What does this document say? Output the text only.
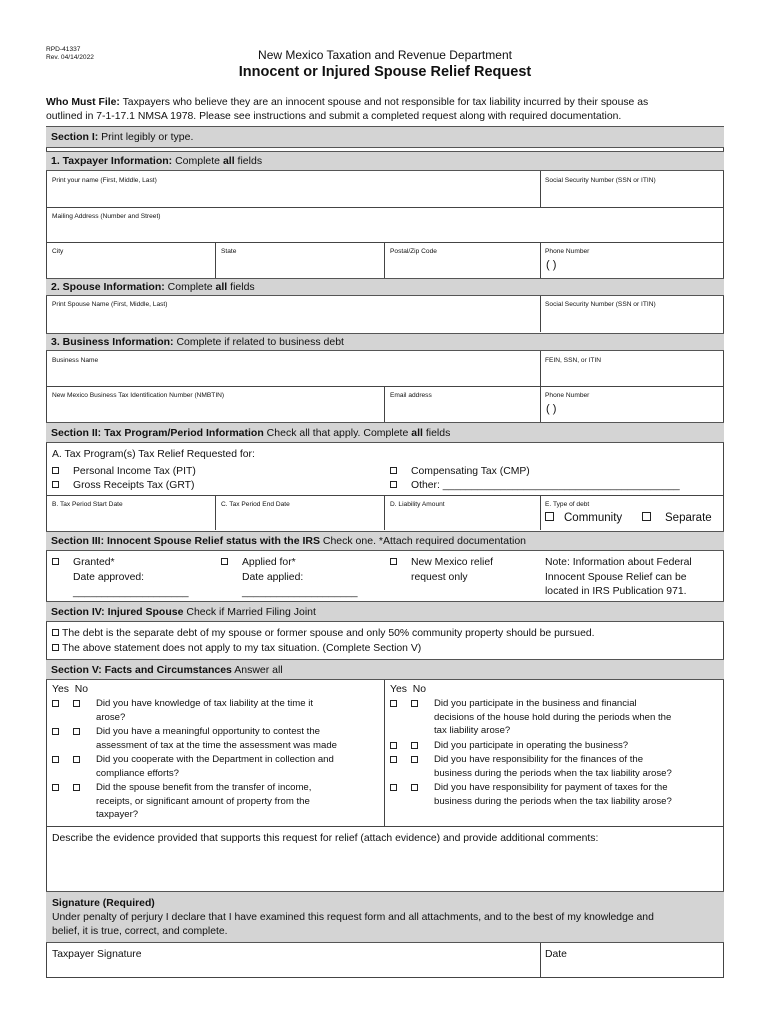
RPD-41337
Rev. 04/14/2022	New Mexico Taxation and Revenue Department
Innocent or Injured Spouse Relief Request
Who Must File: Taxpayers who believe they are an innocent spouse and not responsible for tax liability incurred by their spouse as
outlined in 7-1-17.1 NMSA 1978. Please see instructions and submit a completed request along with required documentation.
Section I: Print legibly or type.
1. Taxpayer Information: Complete all fields
Print your name (First, Middle, Last)	Social Security Number (SSN or ITIN)
Mailing Address (Number and Street)
City	State	Postal/Zip Code	Phone Number
( )
2. Spouse Information: Complete all fields
Print Spouse Name (First, Middle, Last)	Social Security Number (SSN or ITIN)
3. Business Information: Complete if related to business debt
Business Name	FEIN, SSN, or ITIN
New Mexico Business Tax Identification Number (NMBTIN)	Email address	Phone Number
( )
Section II: Tax Program/Period Information Check all that apply. Complete all fields
A. Tax Program(s) Tax Relief Requested for:
Personal Income Tax (PIT)
Gross Receipts Tax (GRT)
Compensating Tax (CMP)
Other: _________________________________________
B. Tax Period Start Date	C. Tax Period End Date	D. Liability Amount	E. Type of debt
Community	Separate
Section III: Innocent Spouse Relief status with the IRS Check one. *Attach required documentation
Granted*
Date approved:
____________________
Applied for*
Date applied:
____________________
New Mexico relief
request only
Note: Information about Federal
Innocent Spouse Relief can be
located in IRS Publication 971.
Section IV: Injured Spouse Check if Married Filing Joint
The debt is the separate debt of my spouse or former spouse and only 50% community property should be pursued.
The above statement does not apply to my tax situation. (Complete Section V)
Section V: Facts and Circumstances Answer all
Yes No	Yes No
Did you have knowledge of tax liability at the time it
arose?
Did you have a meaningful opportunity to contest the
assessment of tax at the time the assessment was made
Did you cooperate with the Department in collection and
compliance efforts?
Did the spouse benefit from the transfer of income,
receipts, or significant amount of property from the
taxpayer?
Did you participate in the business and financial
decisions of the house hold during the periods when the
tax liability arose?
Did you participate in operating the business?
Did you have responsibility for the finances of the
business during the periods when the tax liability arose?
Did you have responsibility for payment of taxes for the
business during the periods when the tax liability arose?
Describe the evidence provided that supports this request for relief (attach evidence) and provide additional comments:
Signature (Required)
Under penalty of perjury I declare that I have examined this request form and all attachments, and to the best of my knowledge and
belief, it is true, correct, and complete.
Taxpayer Signature	Date
